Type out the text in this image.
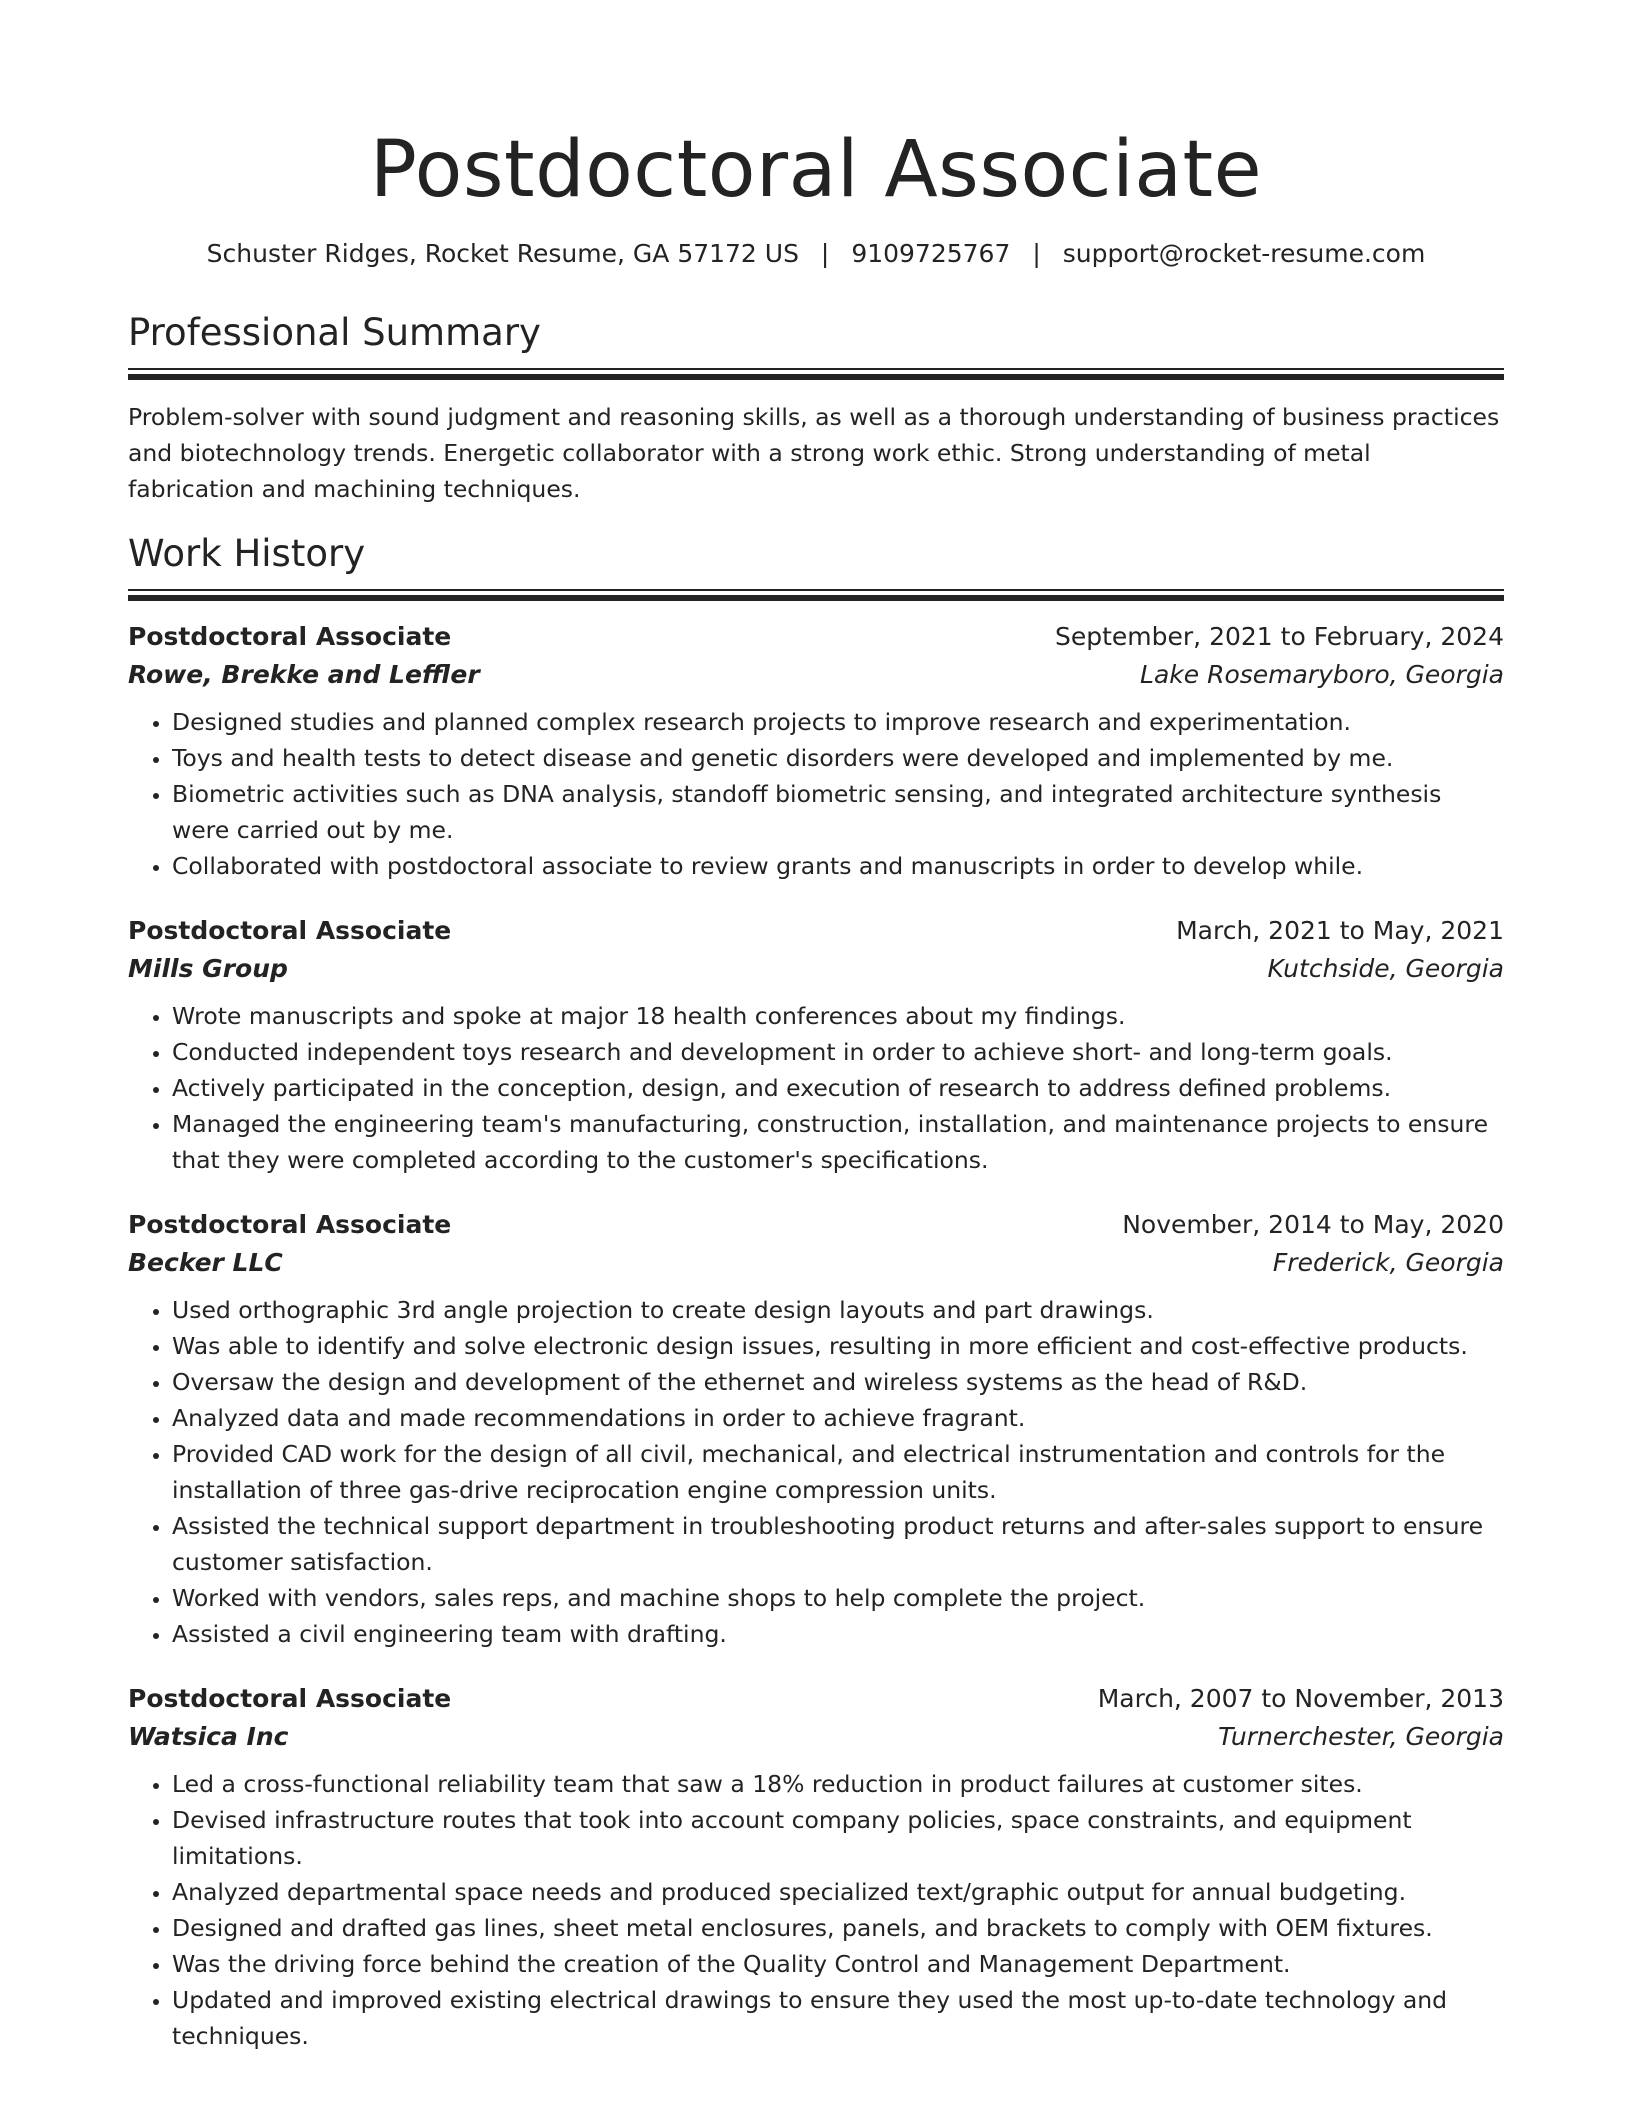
Postdoctoral Associate
Schuster Ridges, Rocket Resume, GA 57172 US | 9109725767 | support@rocket-resume.com
Professional Summary

Problem-solver with sound judgment and reasoning skills, as well as a thorough understanding of business practices and biotechnology trends. Energetic collaborator with a strong work ethic. Strong understanding of metal fabrication and machining techniques.

Work History
Postdoctoral Associate	September, 2021 to February, 2024
Rowe, Brekke and Leffler	Lake Rosemaryboro, Georgia
• Designed studies and planned complex research projects to improve research and experimentation.
• Toys and health tests to detect disease and genetic disorders were developed and implemented by me.
• Biometric activities such as DNA analysis, standoff biometric sensing, and integrated architecture synthesis were carried out by me.
• Collaborated with postdoctoral associate to review grants and manuscripts in order to develop while.
Postdoctoral Associate	March, 2021 to May, 2021
Mills Group	Kutchside, Georgia
• Wrote manuscripts and spoke at major 18 health conferences about my findings.
• Conducted independent toys research and development in order to achieve short- and long-term goals.
• Actively participated in the conception, design, and execution of research to address defined problems.
• Managed the engineering team's manufacturing, construction, installation, and maintenance projects to ensure that they were completed according to the customer's specifications.
Postdoctoral Associate	November, 2014 to May, 2020
Becker LLC	Frederick, Georgia
• Used orthographic 3rd angle projection to create design layouts and part drawings.
• Was able to identify and solve electronic design issues, resulting in more efficient and cost-effective products.
• Oversaw the design and development of the ethernet and wireless systems as the head of R&D.
• Analyzed data and made recommendations in order to achieve fragrant.
• Provided CAD work for the design of all civil, mechanical, and electrical instrumentation and controls for the installation of three gas-drive reciprocation engine compression units.
• Assisted the technical support department in troubleshooting product returns and after-sales support to ensure customer satisfaction.
• Worked with vendors, sales reps, and machine shops to help complete the project.
• Assisted a civil engineering team with drafting.
Postdoctoral Associate	March, 2007 to November, 2013
Watsica Inc	Turnerchester, Georgia
• Led a cross-functional reliability team that saw a 18% reduction in product failures at customer sites.
• Devised infrastructure routes that took into account company policies, space constraints, and equipment limitations.
• Analyzed departmental space needs and produced specialized text/graphic output for annual budgeting.
• Designed and drafted gas lines, sheet metal enclosures, panels, and brackets to comply with OEM fixtures.
• Was the driving force behind the creation of the Quality Control and Management Department.
• Updated and improved existing electrical drawings to ensure they used the most up-to-date technology and techniques.
